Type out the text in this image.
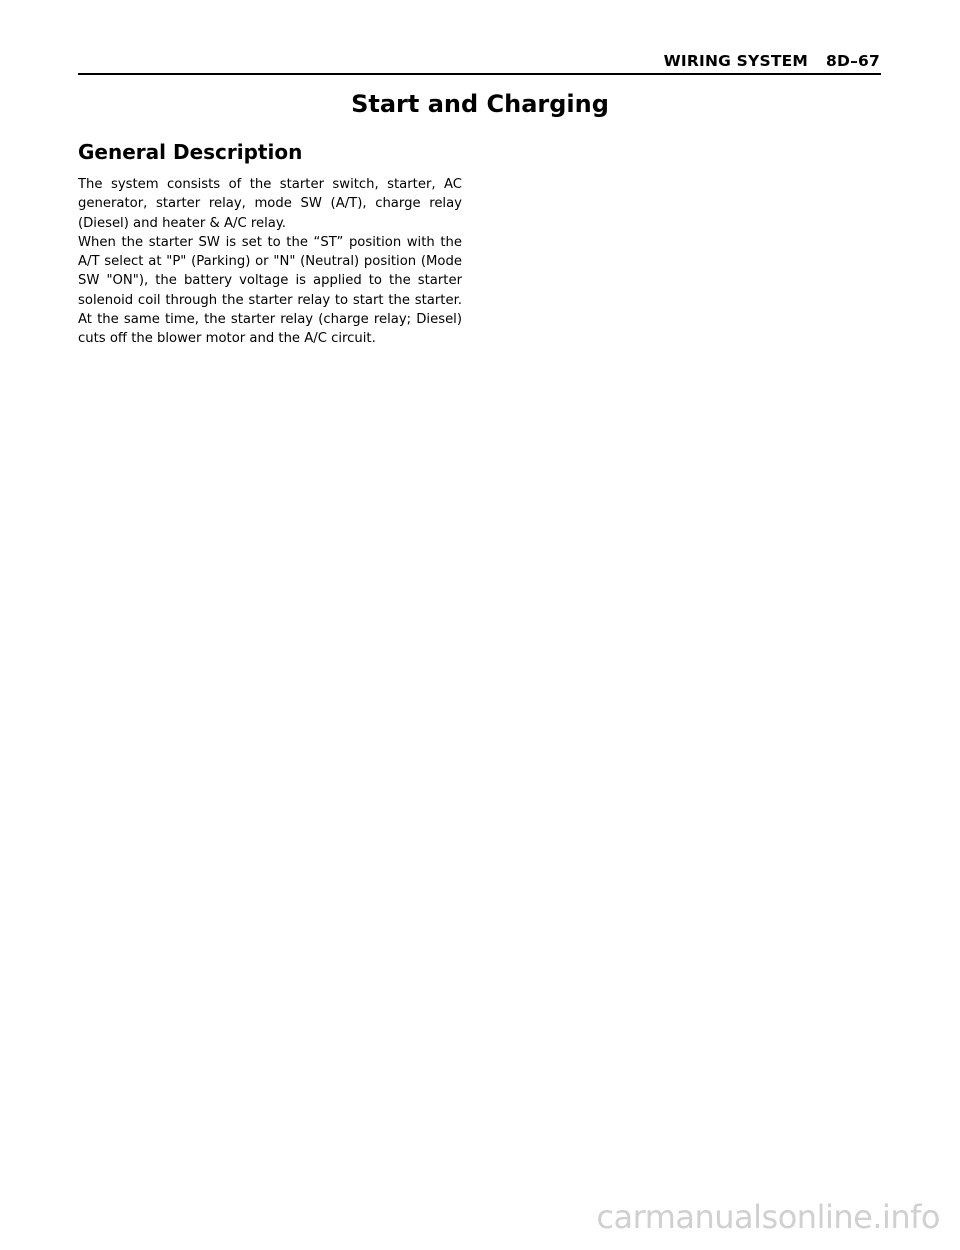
WIRING SYSTEM 8D–67
Start and Charging
General Description

The system consists of the starter switch, starter, AC generator, starter relay, mode SW (A/T), charge relay (Diesel) and heater & A/C relay.

When the starter SW is set to the “ST” position with the A/T select at "P" (Parking) or "N" (Neutral) position (Mode SW "ON"), the battery voltage is applied to the starter solenoid coil through the starter relay to start the starter. At the same time, the starter relay (charge relay; Diesel) cuts off the blower motor and the A/C circuit.

carmanualsonline.info
